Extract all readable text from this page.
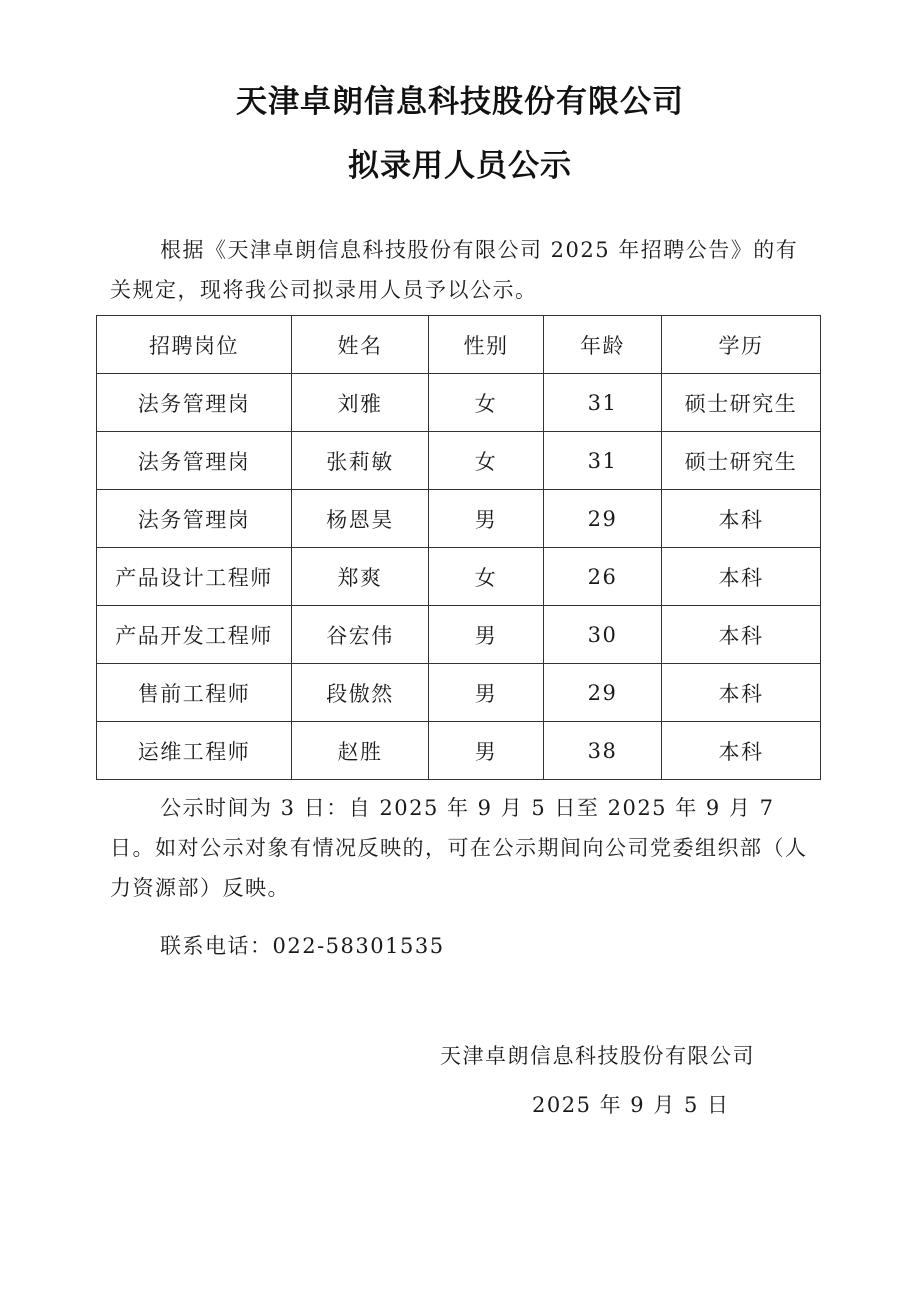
天津卓朗信息科技股份有限公司
拟录用人员公示
根据《天津卓朗信息科技股份有限公司 2025 年招聘公告》的有关规定，现将我公司拟录用人员予以公示。
招聘岗位	姓名	性别	年龄	学历
法务管理岗	刘雅	女	31	硕士研究生
法务管理岗	张莉敏	女	31	硕士研究生
法务管理岗	杨恩昊	男	29	本科
产品设计工程师	郑爽	女	26	本科
产品开发工程师	谷宏伟	男	30	本科
售前工程师	段傲然	男	29	本科
运维工程师	赵胜	男	38	本科
公示时间为 3 日：自 2025 年 9 月 5 日至 2025 年 9 月 7 日。如对公示对象有情况反映的，可在公示期间向公司党委组织部（人力资源部）反映。
联系电话：022-58301535
天津卓朗信息科技股份有限公司
2025 年 9 月 5 日
